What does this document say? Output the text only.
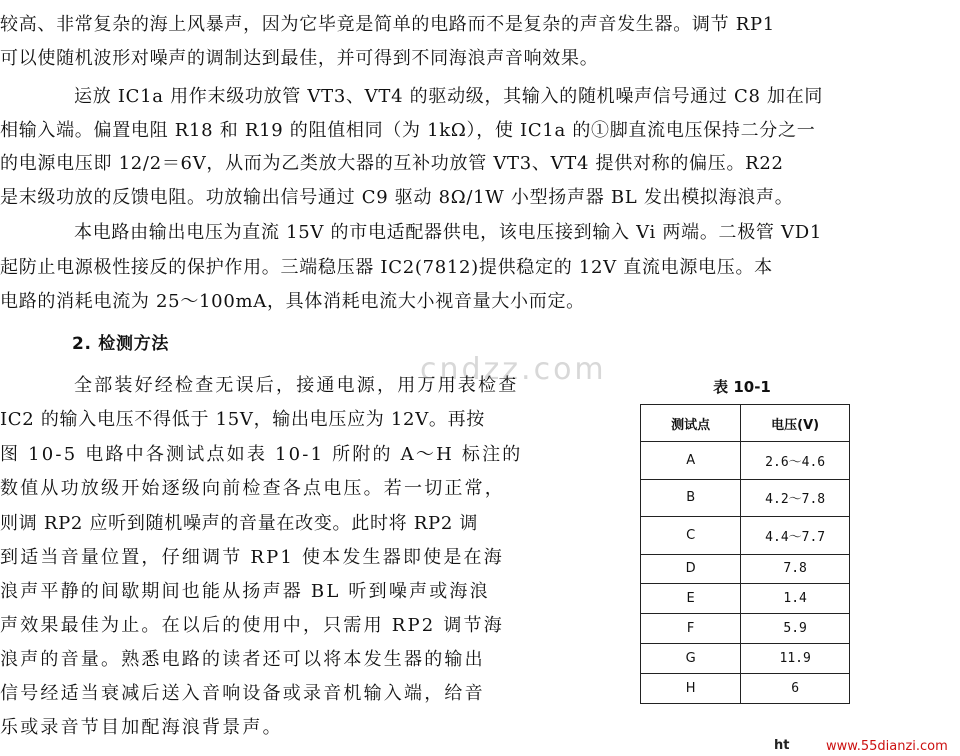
较高、非常复杂的海上风暴声，因为它毕竟是简单的电路而不是复杂的声音发生器。调节 RP1
可以使随机波形对噪声的调制达到最佳，并可得到不同海浪声音响效果。
运放 IC1a 用作末级功放管 VT3、VT4 的驱动级，其输入的随机噪声信号通过 C8 加在同
相输入端。偏置电阻 R18 和 R19 的阻值相同（为 1kΩ），使 IC1a 的①脚直流电压保持二分之一
的电源电压即 12/2＝6V，从而为乙类放大器的互补功放管 VT3、VT4 提供对称的偏压。R22
是末级功放的反馈电阻。功放输出信号通过 C9 驱动 8Ω/1W 小型扬声器 BL 发出模拟海浪声。
本电路由输出电压为直流 15V 的市电适配器供电，该电压接到输入 Vi 两端。二极管 VD1
起防止电源极性接反的保护作用。三端稳压器 IC2(7812)提供稳定的 12V 直流电源电压。本
电路的消耗电流为 25～100mA，具体消耗电流大小视音量大小而定。
2. 检测方法
cndzz.com
全部装好经检查无误后，接通电源，用万用表检查
IC2 的输入电压不得低于 15V，输出电压应为 12V。再按
图 10-5 电路中各测试点如表 10-1 所附的 A～H 标注的
数值从功放级开始逐级向前检查各点电压。若一切正常，
则调 RP2 应听到随机噪声的音量在改变。此时将 RP2 调
到适当音量位置，仔细调节 RP1 使本发生器即使是在海
浪声平静的间歇期间也能从扬声器 BL 听到噪声或海浪
声效果最佳为止。在以后的使用中，只需用 RP2 调节海
浪声的音量。熟悉电路的读者还可以将本发生器的输出
信号经适当衰减后送入音响设备或录音机输入端，给音
乐或录音节目加配海浪背景声。
表 10-1
测试点	电压(V)
A	2.6～4.6
B	4.2～7.8
C	4.4～7.7
D	7.8
E	1.4
F	5.9
G	11.9
H	6
ht	www.55dianzi.com
